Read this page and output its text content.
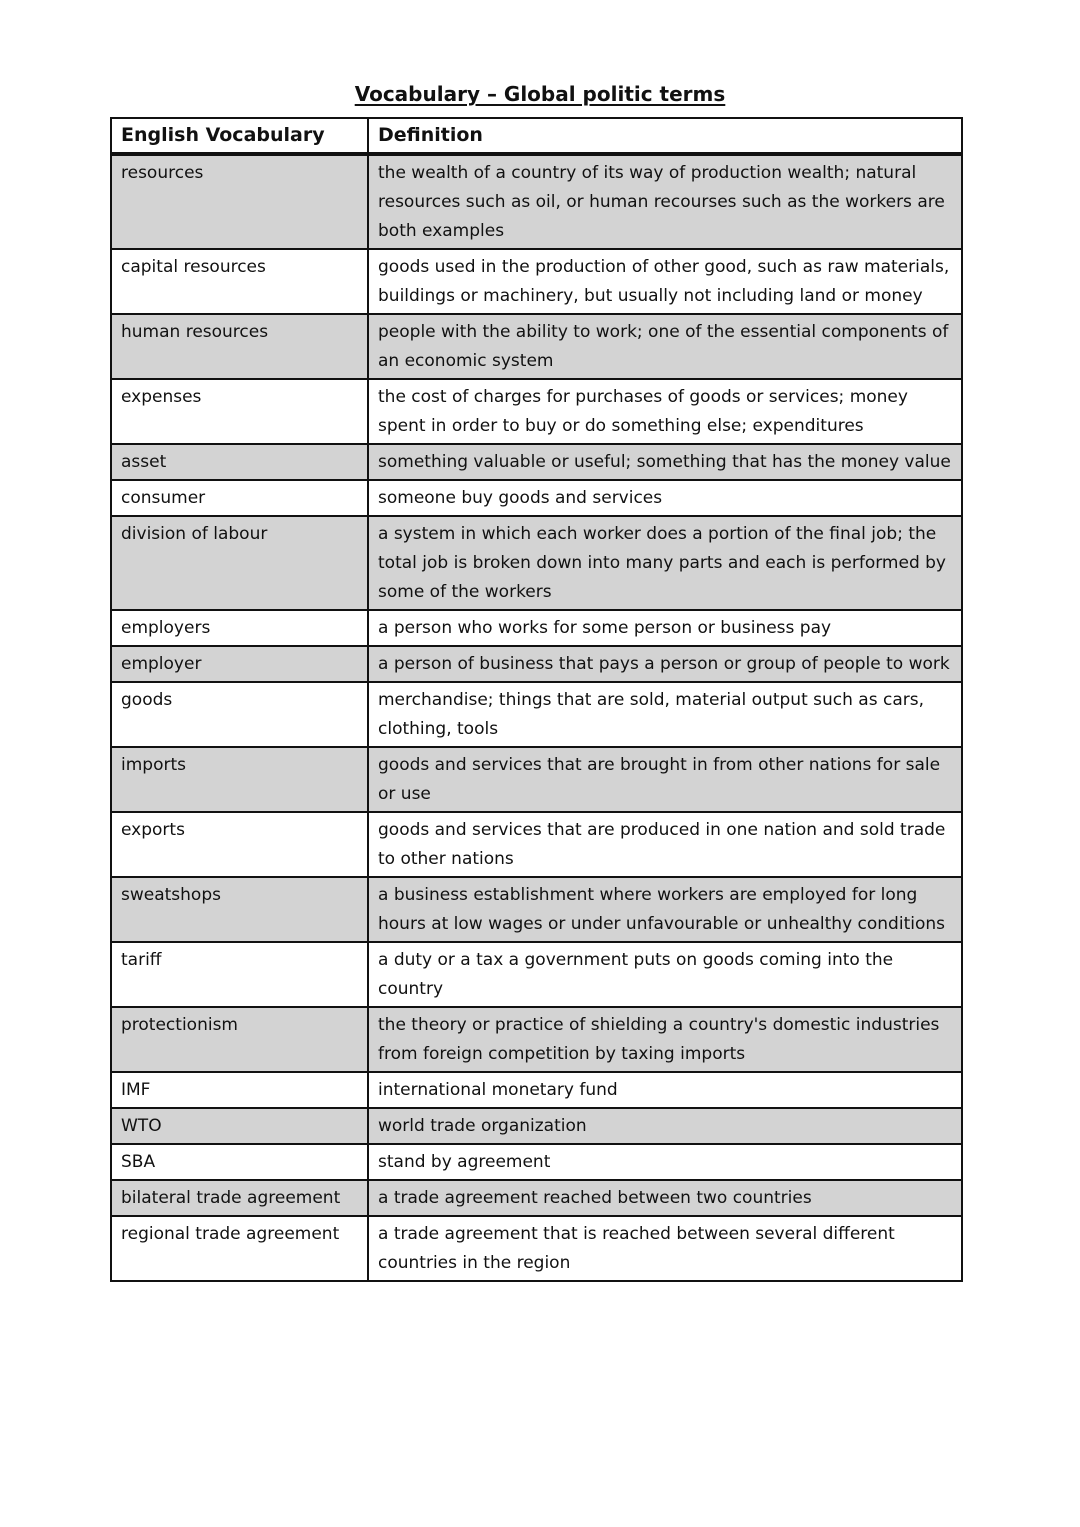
Vocabulary – Global politic terms
English Vocabulary	Definition
resources	the wealth of a country of its way of production wealth; natural resources such as oil, or human recourses such as the workers are both examples
capital resources	goods used in the production of other good, such as raw materials, buildings or machinery, but usually not including land or money
human resources	people with the ability to work; one of the essential components of an economic system
expenses	the cost of charges for purchases of goods or services; money spent in order to buy or do something else; expenditures
asset	something valuable or useful; something that has the money value
consumer	someone buy goods and services
division of labour	a system in which each worker does a portion of the final job; the total job is broken down into many parts and each is performed by some of the workers
employers	a person who works for some person or business pay
employer	a person of business that pays a person or group of people to work
goods	merchandise; things that are sold, material output such as cars, clothing, tools
imports	goods and services that are brought in from other nations for sale or use
exports	goods and services that are produced in one nation and sold trade to other nations
sweatshops	a business establishment where workers are employed for long hours at low wages or under unfavourable or unhealthy conditions
tariff	a duty or a tax a government puts on goods coming into the country
protectionism	the theory or practice of shielding a country's domestic industries from foreign competition by taxing imports
IMF	international monetary fund
WTO	world trade organization
SBA	stand by agreement
bilateral trade agreement	a trade agreement reached between two countries
regional trade agreement	a trade agreement that is reached between several different countries in the region
